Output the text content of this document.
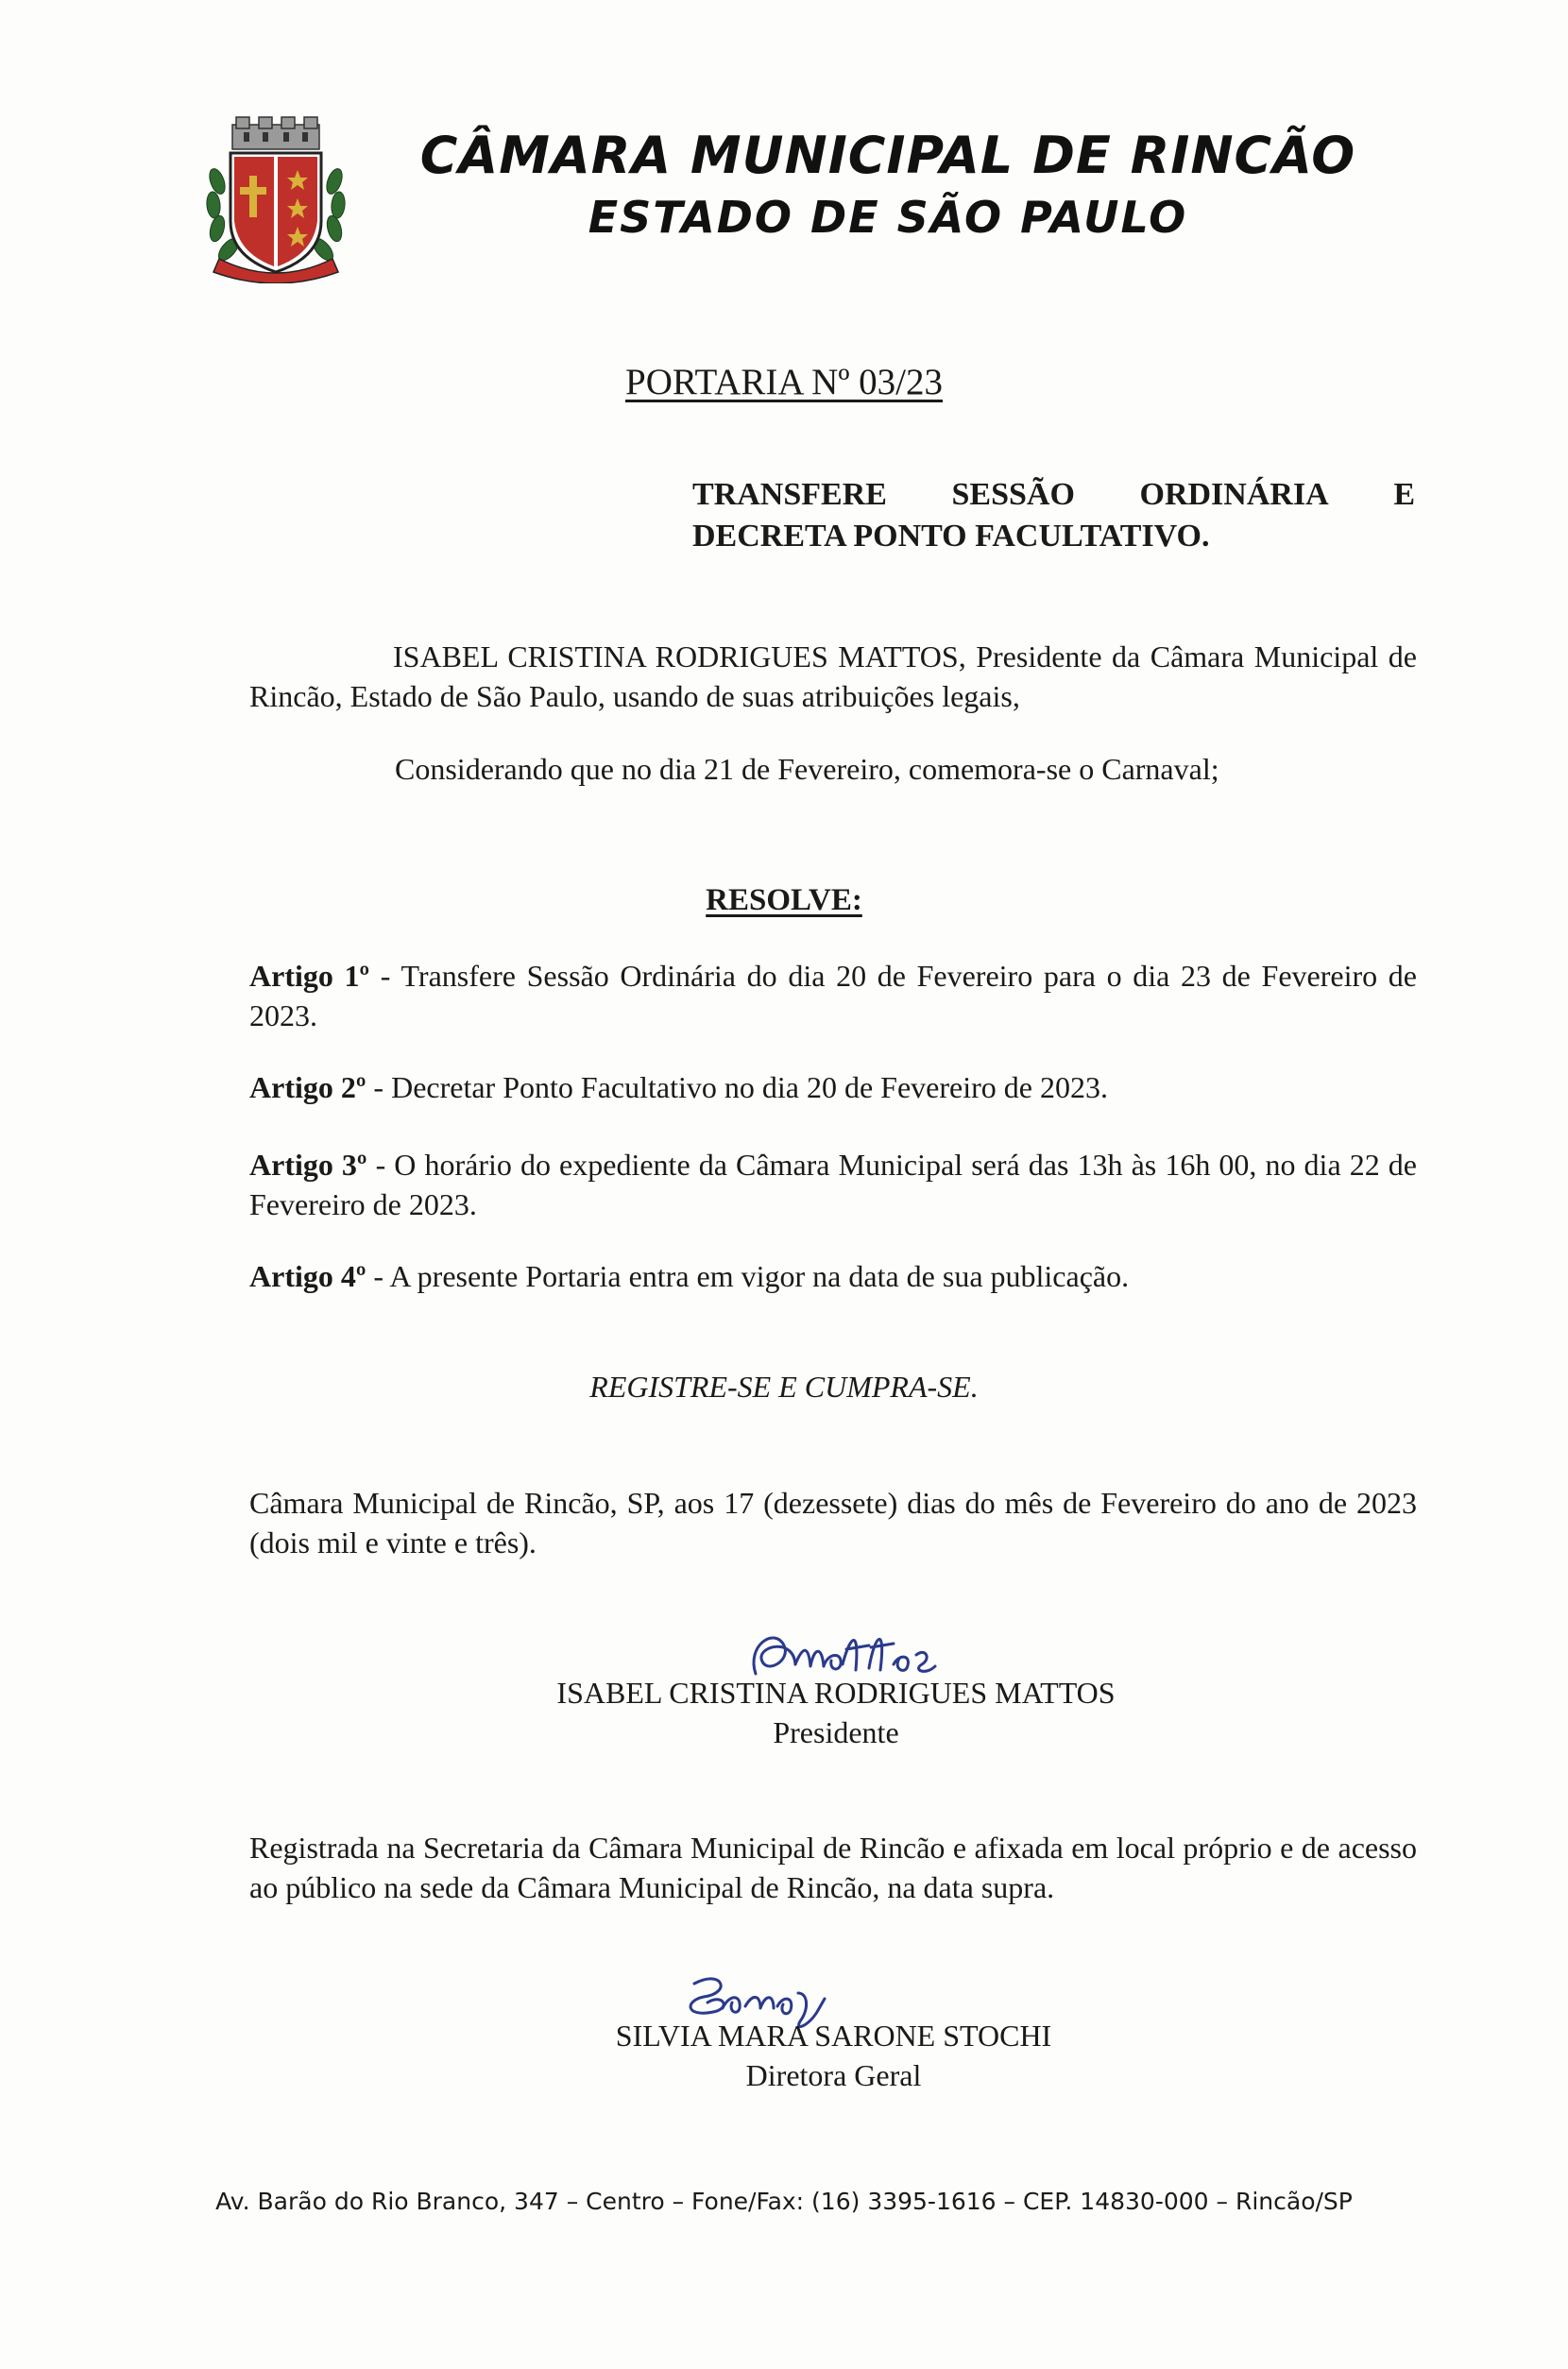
CÂMARA MUNICIPAL DE RINCÃO
ESTADO DE SÃO PAULO
PORTARIA Nº 03/23
TRANSFERE SESSÃO ORDINÁRIA E
DECRETA PONTO FACULTATIVO.

ISABEL CRISTINA RODRIGUES MATTOS, Presidente da Câmara Municipal de Rincão, Estado de São Paulo, usando de suas atribuições legais,

Considerando que no dia 21 de Fevereiro, comemora-se o Carnaval;

RESOLVE:

Artigo 1º - Transfere Sessão Ordinária do dia 20 de Fevereiro para o dia 23 de Fevereiro de 2023.

Artigo 2º - Decretar Ponto Facultativo no dia 20 de Fevereiro de 2023.

Artigo 3º - O horário do expediente da Câmara Municipal será das 13h às 16h 00, no dia 22 de Fevereiro de 2023.

Artigo 4º - A presente Portaria entra em vigor na data de sua publicação.

REGISTRE-SE E CUMPRA-SE.

Câmara Municipal de Rincão, SP, aos 17 (dezessete) dias do mês de Fevereiro do ano de 2023 (dois mil e vinte e três).

ISABEL CRISTINA RODRIGUES MATTOS
Presidente

Registrada na Secretaria da Câmara Municipal de Rincão e afixada em local próprio e de acesso ao público na sede da Câmara Municipal de Rincão, na data supra.

SILVIA MARA SARONE STOCHI
Diretora Geral
Av. Barão do Rio Branco, 347 – Centro – Fone/Fax: (16) 3395-1616 – CEP. 14830-000 – Rincão/SP
